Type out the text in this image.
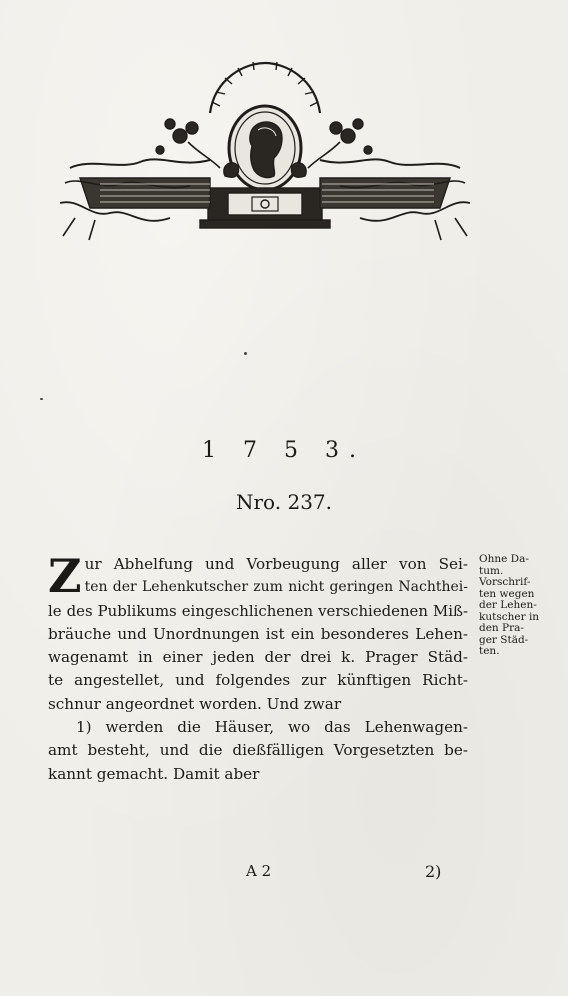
1 7 5 3.
Nro. 237.
Z ur Abhelfung und Vorbeugung aller von Sei-
ten der Lehenkutscher zum nicht geringen Nachthei-
le des Publikums eingeschlichenen verschiedenen Miß-
bräuche und Unordnungen ist ein besonderes Lehen-
wagenamt in einer jeden der drei k. Prager Städ-
te angestellet, und folgendes zur künftigen Richt-
schnur angeordnet worden. Und zwar
1) werden die Häuser, wo das Lehenwagen-
amt besteht, und die dießfälligen Vorgesetzten be-
kannt gemacht. Damit aber
Ohne Da-
tum.
Vorschrif-
ten wegen
der Lehen-
kutscher in
den Pra-
ger Städ-
ten.
A 2	2)
